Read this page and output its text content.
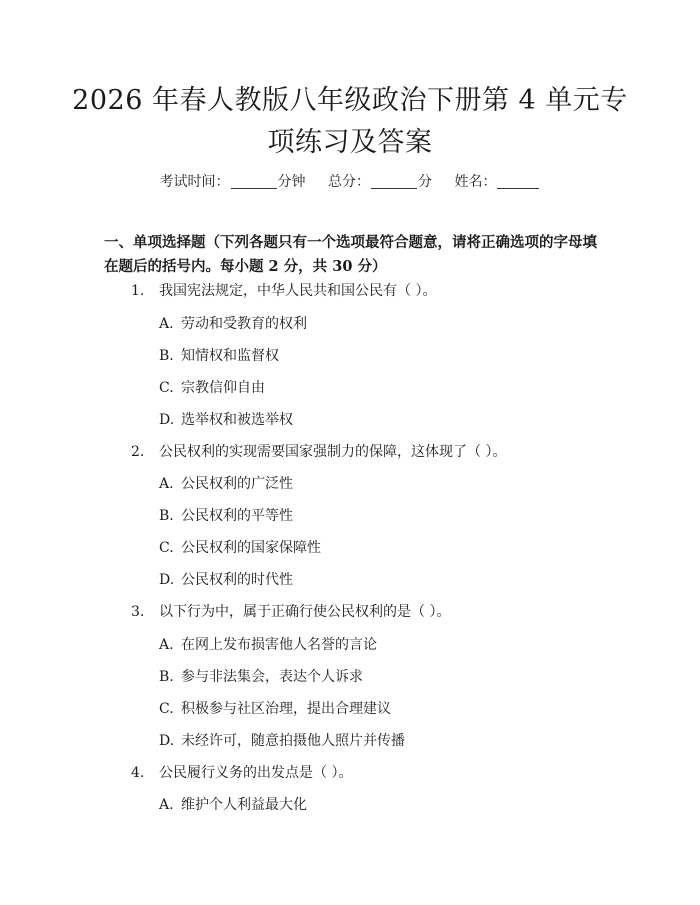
2026 年春人教版八年级政治下册第 4 单元专
项练习及答案
考试时间：	分钟 总分：	分 姓名：
一、单项选择题（下列各题只有一个选项最符合题意，请将正确选项的字母填在题后的括号内。每小题 2 分，共 30 分）
1. 我国宪法规定，中华人民共和国公民有（ ）。
A. 劳动和受教育的权利
B. 知情权和监督权
C. 宗教信仰自由
D. 选举权和被选举权
2. 公民权利的实现需要国家强制力的保障，这体现了（ ）。
A. 公民权利的广泛性
B. 公民权利的平等性
C. 公民权利的国家保障性
D. 公民权利的时代性
3. 以下行为中，属于正确行使公民权利的是（ ）。
A. 在网上发布损害他人名誉的言论
B. 参与非法集会，表达个人诉求
C. 积极参与社区治理，提出合理建议
D. 未经许可，随意拍摄他人照片并传播
4. 公民履行义务的出发点是（ ）。
A. 维护个人利益最大化
